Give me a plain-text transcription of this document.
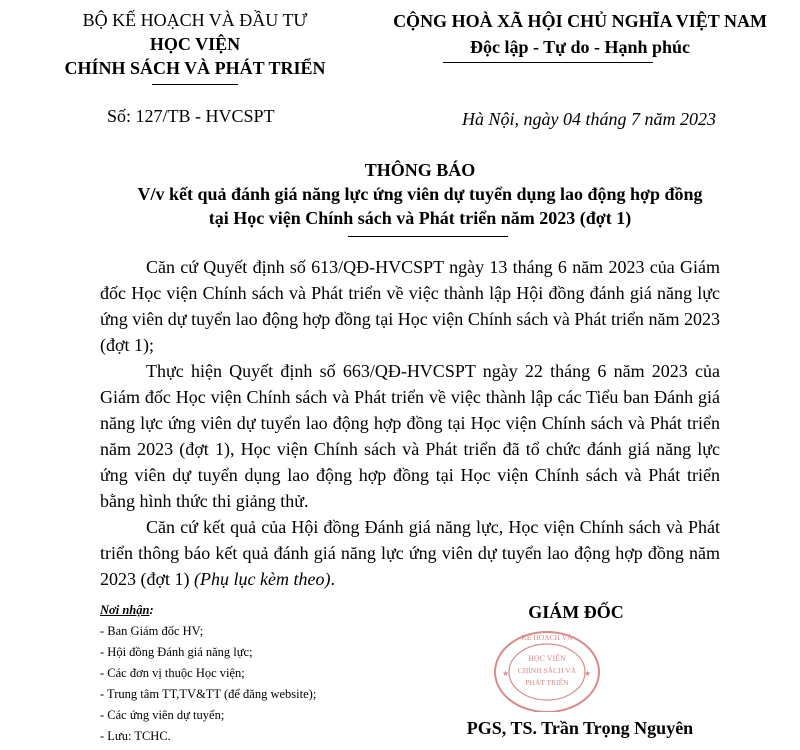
BỘ KẾ HOẠCH VÀ ĐẦU TƯ
HỌC VIỆN
CHÍNH SÁCH VÀ PHÁT TRIỂN
Số: 127/TB - HVCSPT
CỘNG HOÀ XÃ HỘI CHỦ NGHĨA VIỆT NAM
Độc lập - Tự do - Hạnh phúc
Hà Nội, ngày 04 tháng 7 năm 2023
THÔNG BÁO
V/v kết quả đánh giá năng lực ứng viên dự tuyển dụng lao động hợp đồng
tại Học viện Chính sách và Phát triển năm 2023 (đợt 1)

Căn cứ Quyết định số 613/QĐ-HVCSPT ngày 13 tháng 6 năm 2023 của Giám đốc Học viện Chính sách và Phát triển về việc thành lập Hội đồng đánh giá năng lực ứng viên dự tuyển lao động hợp đồng tại Học viện Chính sách và Phát triển năm 2023 (đợt 1);

Thực hiện Quyết định số 663/QĐ-HVCSPT ngày 22 tháng 6 năm 2023 của Giám đốc Học viện Chính sách và Phát triển về việc thành lập các Tiểu ban Đánh giá năng lực ứng viên dự tuyển lao động hợp đồng tại Học viện Chính sách và Phát triển năm 2023 (đợt 1), Học viện Chính sách và Phát triển đã tổ chức đánh giá năng lực ứng viên dự tuyển dụng lao động hợp đồng tại Học viện Chính sách và Phát triển bằng hình thức thi giảng thử.

Căn cứ kết quả của Hội đồng Đánh giá năng lực, Học viện Chính sách và Phát triển thông báo kết quả đánh giá năng lực ứng viên dự tuyển lao động hợp đồng năm 2023 (đợt 1) (Phụ lục kèm theo).

Nơi nhận:
- Ban Giám đốc HV;
- Hội đồng Đánh giá năng lực;
- Các đơn vị thuộc Học viện;
- Trung tâm TT,TV&TT (để đăng website);
- Các ứng viên dự tuyển;
- Lưu: TCHC.
GIÁM ĐỐC
KẾ HOẠCH VÀ
HỌC VIỆN
CHÍNH SÁCH VÀ
PHÁT TRIỂN
★	★
PGS, TS. Trần Trọng Nguyên
